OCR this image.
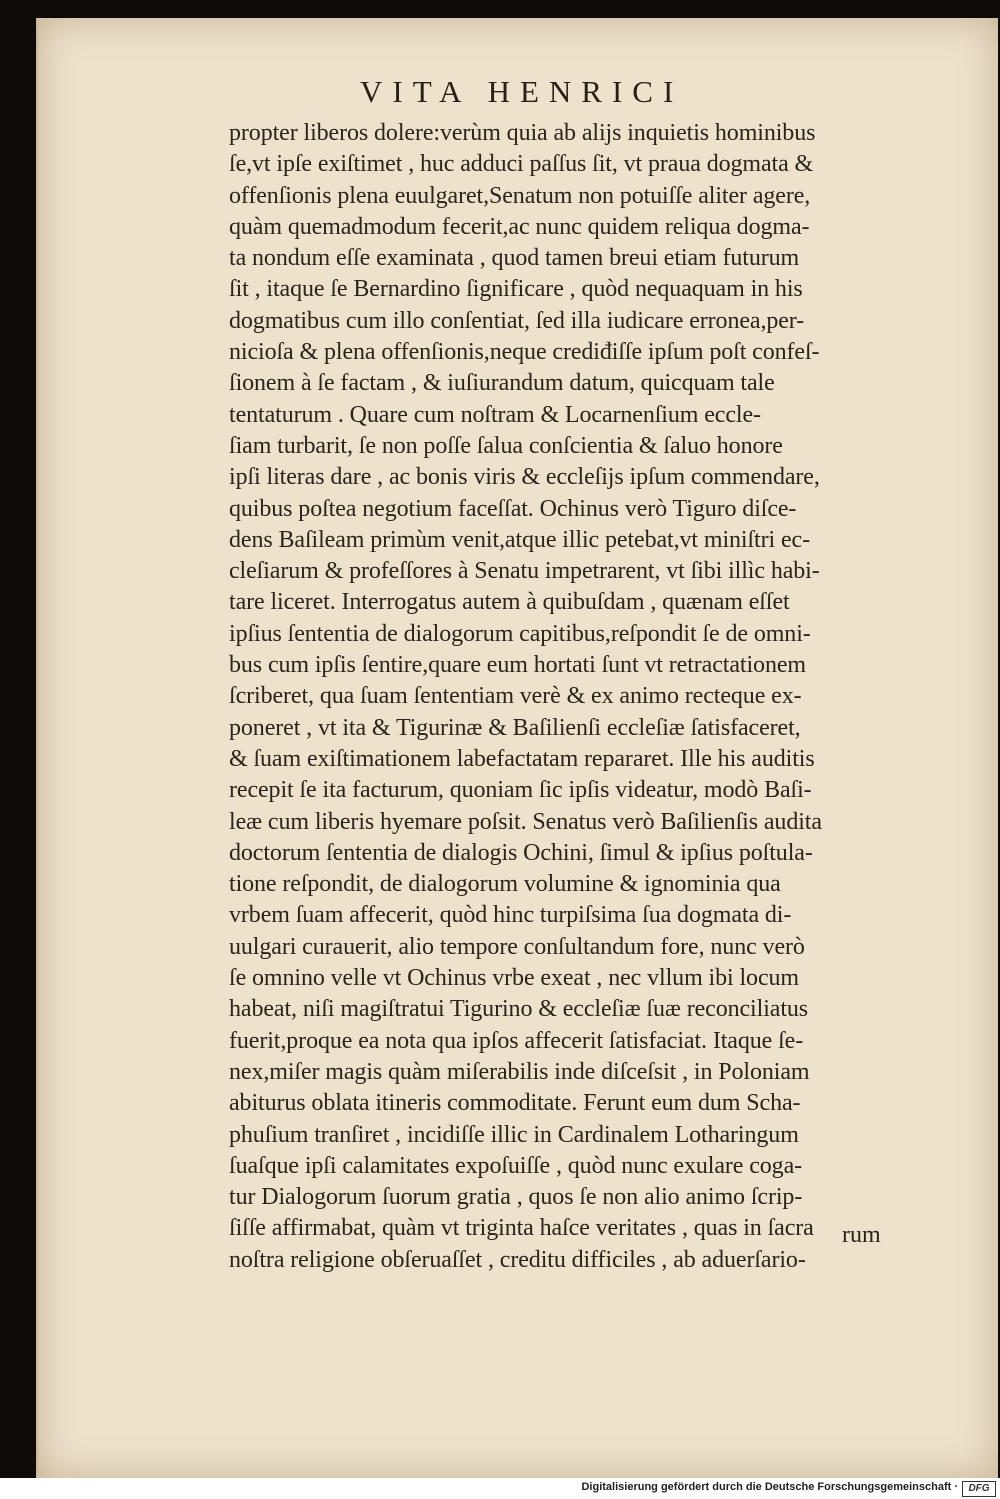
VITA HENRICI
propter liberos dolere:verùm quia ab alijs inquietis hominibus
ſe,vt ipſe exiſtimet , huc adduci paſſus ſit, vt praua dogmata &
offenſionis plena euulgaret,Senatum non potuiſſe aliter agere,
quàm quemadmodum fecerit,ac nunc quidem reliqua dogma-
ta nondum eſſe examinata , quod tamen breui etiam futurum
ſit , itaque ſe Bernardino ſignificare , quòd nequaquam in his
dogmatibus cum illo conſentiat, ſed illa iudicare erronea,per-
nicioſa & plena offenſionis,neque crediđiſſe ipſum poſt confeſ-
ſionem à ſe factam , & iuſiurandum datum, quicquam tale
tentaturum . Quare cum noſtram & Locarnenſium eccle-
ſiam turbarit, ſe non poſſe ſalua conſcientia & ſaluo honore
ipſi literas dare , ac bonis viris & eccleſijs ipſum commendare,
quibus poſtea negotium faceſſat. Ochinus verò Tiguro diſce-
dens Baſileam primùm venit,atque illic petebat,vt miniſtri ec-
cleſiarum & profeſſores à Senatu impetrarent, vt ſibi illìc habi-
tare liceret. Interrogatus autem à quibuſdam , quænam eſſet
ipſius ſententia de dialogorum capitibus,reſpondit ſe de omni-
bus cum ipſis ſentire,quare eum hortati ſunt vt retractationem
ſcriberet, qua ſuam ſententiam verè & ex animo recteque ex-
poneret , vt ita & Tigurinæ & Baſilienſi eccleſiæ ſatisfaceret,
& ſuam exiſtimationem labefactatam repararet. Ille his auditis
recepit ſe ita facturum, quoniam ſic ipſis videatur, modò Baſi-
leæ cum liberis hyemare poſsit. Senatus verò Baſilienſis audita
doctorum ſententia de dialogis Ochini, ſimul & ipſius poſtula-
tione reſpondit, de dialogorum volumine & ignominia qua
vrbem ſuam affecerit, quòd hinc turpiſsima ſua dogmata di-
uulgari curauerit, alio tempore conſultandum fore, nunc verò
ſe omnino velle vt Ochinus vrbe exeat , nec vllum ibi locum
habeat, niſi magiſtratui Tigurino & eccleſiæ ſuæ reconciliatus
fuerit,proque ea nota qua ipſos affecerit ſatisfaciat. Itaque ſe-
nex,miſer magis quàm miſerabilis inde diſceſsit , in Poloniam
abiturus oblata itineris commoditate. Ferunt eum dum Scha-
phuſium tranſiret , incidiſſe illic in Cardinalem Lotharingum
ſuaſque ipſi calamitates expoſuiſſe , quòd nunc exulare coga-
tur Dialogorum ſuorum gratia , quos ſe non alio animo ſcrip-
ſiſſe affirmabat, quàm vt triginta haſce veritates , quas in ſacra
noſtra religione obſeruaſſet , creditu difficiles , ab aduerſario-
rum
Digitalisierung gefördert durch die Deutsche Forschungsgemeinschaft ·	DFG
